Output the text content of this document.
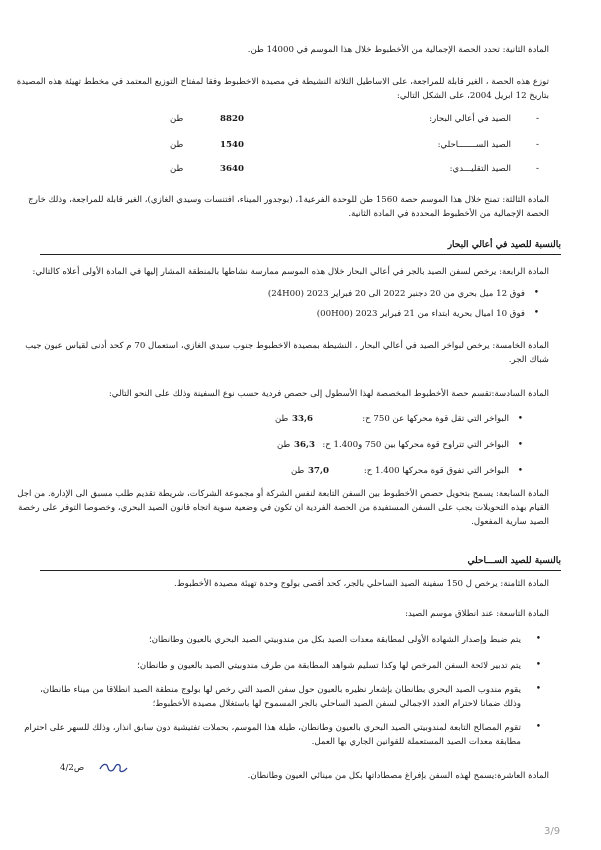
المادة الثانية: تحدد الحصة الإجمالية من الأخطبوط خلال هذا الموسم في 14000 طن.
توزع هذه الحصة ، الغير قابلة للمراجعة، على الاساطيل الثلاثة النشيطة في مصيدة الاخطبوط وفقا لمفتاح التوزيع المعتمد في مخطط تهيئة هذه المصيدة
بتاريخ 12 ابريل 2004، على الشكل التالي:
-
الصيد في أعالي البحار:
8820
طن
-
الصيد الســـــــاحلي:
1540
طن
-
الصيد التقليـــدي:
3640
طن
المادة الثالثة: تمنح خلال هذا الموسم حصة 1560 طن للوحدة الفرعية1، (بوجدور الميناء، افتنسات وسيدي الغازي)، الغير قابلة للمراجعة، وذلك خارج
الحصة الإجمالية من الأخطبوط المحددة في المادة الثانية.
بالنسبة للصيد في أعالي البحار
المادة الرابعة: يرخص لسفن الصيد بالجر في أعالي البحار خلال هذه الموسم ممارسة نشاطها بالمنطقة المشار إليها في المادة الأولى أعلاه كالتالي:
•
فوق 12 ميل بحري من 20 دجنبر 2022 الى 20 فبراير 2023 (24H00)
•
فوق 10 اميال بحرية ابتداء من 21 فبراير 2023 (00H00)
المادة الخامسة: يرخص لبواخر الصيد في أعالي البحار ، النشيطة بمصيدة الاخطبوط جنوب سيدي الغازي، استعمال 70 م كحد أدنى لقياس عيون جيب
شباك الجر.
المادة السادسة:تقسم حصة الأخطبوط المخصصة لهذا الأسطول إلى حصص فردية حسب نوع السفينة وذلك على النحو التالي:
•
البواخر التي تقل قوة محركها عن 750 ح:
33,6
طن
•
البواخر التي تتراوح قوة محركها بين 750 و1.400 ح:
36,3
طن
•
البواخر التي تفوق قوة محركها 1.400 ح:
37,0
طن
المادة السابعة: يسمح بتحويل حصص الأخطبوط بين السفن التابعة لنفس الشركة أو مجموعة الشركات، شريطة تقديم طلب مسبق الى الإدارة. من اجل
القيام بهذه التحويلات يجب على السفن المستفيدة من الحصة الفردية ان تكون في وضعية سوية اتجاه قانون الصيد البحري، وخصوصا التوفر على رخصة
الصيد سارية المفعول.
بالنسبة للصيد الســـاحلي
المادة الثامنة: يرخص ل 150 سفينة الصيد الساحلي بالجر، كحد أقصى بولوج وحدة تهيئة مصيدة الأخطبوط.
المادة التاسعة: عند انطلاق موسم الصيد:
•
يتم ضبط وإصدار الشهادة الأولى لمطابقة معدات الصيد بكل من مندوبيتي الصيد البحري بالعيون وطانطان؛
•
يتم تدبير لائحة السفن المرخص لها وكذا تسليم شواهد المطابقة من طرف مندوبيتي الصيد بالعيون و طانطان؛
•
يقوم مندوب الصيد البحري بطانطان بإشعار نظيره بالعيون حول سفن الصيد التي رخص لها بولوج منطقة الصيد انطلاقا من ميناء طانطان،
وذلك ضمانا لاحترام العدد الاجمالي لسفن الصيد الساحلي بالجر المسموح لها باستغلال مصيدة الأخطبوط؛
•
تقوم المصالح التابعة لمندوبيتي الصيد البحري بالعيون وطانطان، طيلة هذا الموسم، بحملات تفتيشية دون سابق انذار، وذلك للسهر على احترام
مطابقة معدات الصيد المستعملة للقوانين الجاري بها العمل.
ص4/2
المادة العاشرة:يسمح لهذه السفن بإفراغ مصطاداتها بكل من مينائي العيون وطانطان.
3/9
